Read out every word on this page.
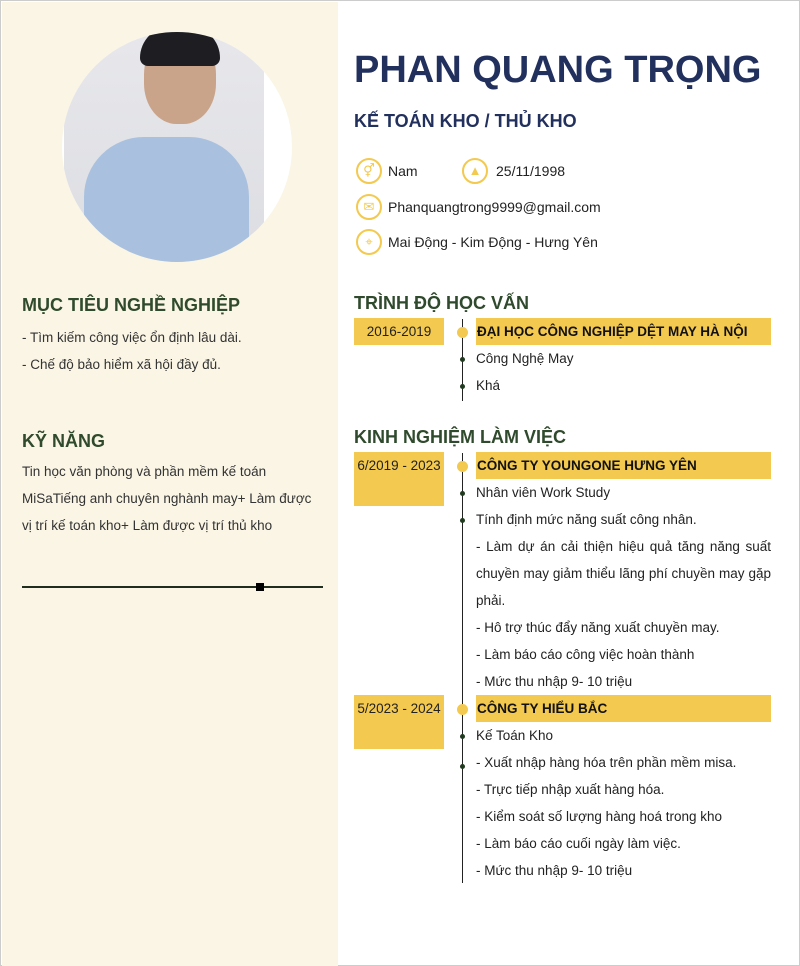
MỤC TIÊU NGHỀ NGHIỆP
- Tìm kiếm công việc ổn định lâu dài.
- Chế độ bảo hiểm xã hội đầy đủ.
KỸ NĂNG
Tin học văn phòng và phần mềm kế toán MiSaTiếng anh chuyên nghành may+ Làm được vị trí kế toán kho+ Làm được vị trí thủ kho
PHAN QUANG TRỌNG
KẾ TOÁN KHO / THỦ KHO
⚥ Nam	▲	25/11/1998
✉ Phanquangtrong9999@gmail.com
⌖	Mai Động - Kim Động - Hưng Yên
TRÌNH ĐỘ HỌC VẤN
2016-2019	ĐẠI HỌC CÔNG NGHIỆP DỆT MAY HÀ NỘI
Công Nghệ May
Khá
KINH NGHIỆM LÀM VIỆC
6/2019 - 2023	CÔNG TY YOUNGONE HƯNG YÊN
Nhân viên Work Study
Tính định mức năng suất công nhân.
- Làm dự án cải thiện hiệu quả tăng năng suất chuyền may giảm thiểu lãng phí chuyền may gặp phải.
- Hô trợ thúc đẩy năng xuất chuyền may.
- Làm báo cáo công việc hoàn thành
- Mức thu nhập 9- 10 triệu
5/2023 - 2024	CÔNG TY HIỂU BẮC
Kế Toán Kho
- Xuất nhập hàng hóa trên phần mềm misa.
- Trực tiếp nhập xuất hàng hóa.
- Kiểm soát số lượng hàng hoá trong kho
- Làm báo cáo cuối ngày làm việc.
- Mức thu nhập 9- 10 triệu
